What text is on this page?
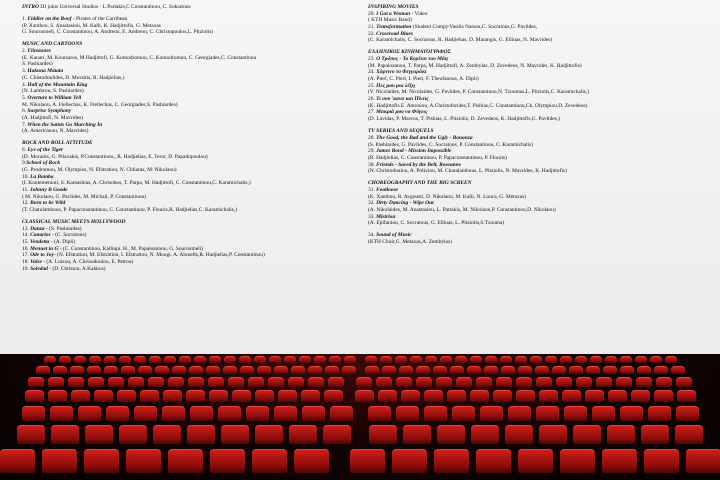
INTRO DJ joins Universal Studios - L.Partakis,C Constantinou, C. Sokratous
1. Fiddler on the Roof - Pirates of the Carribean
(P. Xanthou, S. Anastasiou, M. Kalli, K. Hadjittofis, G. Metaxas
G. Souroumeli, C. Constantinou, A. Andreou, E. Andreou, C. Christopoulos,L. Pitziolis)
MUSIC AND CARTOONS
2. Flinstones
(E. Kanari, M. Koursaros, M Hadjittofi, G. Komodromou, C. Komodromou, C. Georgiades,C. Constantinou
S. Pashiardes)
3. Hakuna Matata
(C. Chistodoulides, D. Moraitis, R. Hadjielias,)
4. Hall of the Mountain King
(N. Lambrou, S. Pashiardes)
5. Overture to William Tell
M. Nikolaou, A. Ftellechas, K. Ftellechas, C. Georgiades,S. Pashiardes)
6. Surprise Symphony
(A. Hadjittofi, N. Mavrides)
7. When the Saints Go Marching In
(A. Americanou, N. Mavrides)
ROCK AND ROLL ATTITUDE
8. Eye of the Tiger
(D. Moraitis, G. Pilavakis, P.Constantinou,, R. Hadjielias, E. Teror, D. Papadopoulou)
9.School of Rock
(G. Prodromou, M. Olympios, N. Efstratiou, N. Chliaras, M. Nikolaou)
10. La Bamba
(I. Kontemenioti, S. Kamashias, A. Chrisohos, T. Parpa, M. Hadjittofi, C. Constantinou,C. Karamichalis,)
11. Johnny B Goode
( M. Nikolaou, G. Pavlides, M. Michail, P. Constantinou)
12. Born to be Wild
(T. Charalambous, P. Papaconstantinou, C. Constantinou, P. Flouris,R. Hadjielias,C. Karamichalis,)
CLASSICAL MUSIC MEETS HOLLYWOOD
13. Danza - (S. Pashiardes)
14. Canarios - (C. Socratous)
15. Vendetta - (A. Dipli)
16. Menuet in G - (C. Constantinou, Kalliopi. H., M. Papaioannou, G. Souroumeli)
17. Ode to Joy- (N. Efstratiou, M. Efstratiou, I. Efstratiou, N. Mougi. A. Alonefts,R. Hadjielias,P. Constantinou)
18. Valse - (A. Loizou, A. Chrisodoulou, E. Petrou)
19. Soledad - (D. Christou, A.Kakkos)
INSPIRING MOVIES
20. I Got a Woman - Video
( KTH Music Band)
21. Transformation (Student Comp)-Vasilis Natsou,C. Socratous,G. Pavlides,
22. Crossroad Blues
(C. Karamichalis, C. Socratous, R. Hadjielias, D. Marangis, G. Ellinas, N. Mavrides)
ΕΛΛΗΝΙΚΟΣ ΚΙΝΗΜΑΤΟΓΡΑΦΟΣ
23. Ο Τρόπος - Το Κορίτσι του Μάη
(M. Papaioannou, T. Parpa, M. Hadjittofi, A. Zembylas, D. Zevedeos, N. Mavrides, K. Hadjittofis)
24. Χάρτινο το Φεγγαράκι
(A. Pieri, C. Pieri, I. Pieri, F. Theofanous, A. Dipli)
25. Πες μου μια λέξη
(V. Nicolaides, M. Nicolaides, G. Pavlides, P. Constantinou,N. Tzoumas,L. Pitziolis,C. Karamichalis,)
26. Τι σου 'κανα και Πίνεις
(K. Hadjittofis E. Antoniou, A.Christoforides,T. Pishias,C. Constantinou,Ch. Olympiou,D. Zevedeos)
27. Μακριά μου να Φύγεις
(D. Lavidas, P. Mavros, T. Pishias, L. Pitziolis, D. Zevedeos, K. Hadjittofis,G. Pavlides,)
TV SERIES AND SEQUELS
28. The Good, the Bad and the Ugly - Bonanza
(S. Pashiardes, G. Pavlides, C. Socratous, P. Constantinou, C. Karamichalis)
29. James Bond - Mission Impossible
(R. Hadjielias, C. Constantinou, P. Papaconstantinou, P. Flouris)
30. Friends - Saved by the Bell, Roseanne
(N. Christodoulou, A. Poliviou, M. Charalambous, L. Pitziolis, N. Mavrides, K. Hadjittofis)
CHOREOGRAPHY AND THE BIG SCREEN
31. Footloose
(K. Xanthou, R. Avgousti, D. Nikolaou, M. Kalli, N. Louca, G. Metaxas)
32. Dirty Dancing - Wipe Out
(A. Nikolaides, M. Anastasiou, L. Partakis, M. Nikolaou,P. Constantinou,D. Nikolaou)
33. Misirlou
(A. Epifaniou, C. Socratous, G. Ellinas, L. Pitziolis,S.Tzouma)
34. Sound of Music
(KTH Choir,G. Metaxas,A. Zembylas)
